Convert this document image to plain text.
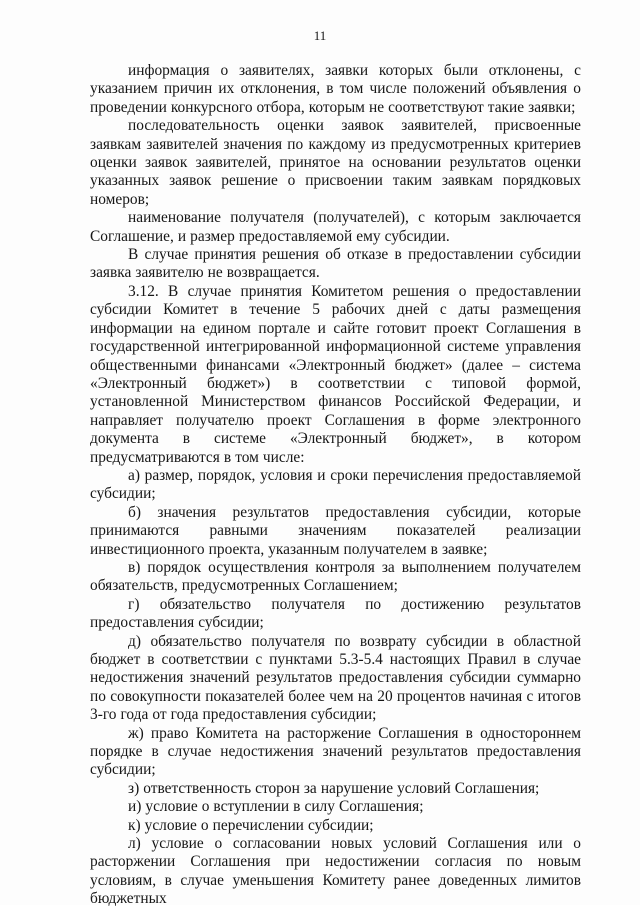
11

информация о заявителях, заявки которых были отклонены, с указанием причин их отклонения, в том числе положений объявления о проведении конкурсного отбора, которым не соответствуют такие заявки;

последовательность оценки заявок заявителей, присвоенные заявкам заявителей значения по каждому из предусмотренных критериев оценки заявок заявителей, принятое на основании результатов оценки указанных заявок решение о присвоении таким заявкам порядковых номеров;

наименование получателя (получателей), с которым заключается Соглашение, и размер предоставляемой ему субсидии.

В случае принятия решения об отказе в предоставлении субсидии заявка заявителю не возвращается.

3.12. В случае принятия Комитетом решения о предоставлении субсидии Комитет в течение 5 рабочих дней с даты размещения информации на едином портале и сайте готовит проект Соглашения в государственной интегрированной информационной системе управления общественными финансами «Электронный бюджет» (далее – система «Электронный бюджет») в соответствии с типовой формой, установленной Министерством финансов Российской Федерации, и направляет получателю проект Соглашения в форме электронного документа в системе «Электронный бюджет», в котором предусматриваются в том числе:

а) размер, порядок, условия и сроки перечисления предоставляемой субсидии;

б) значения результатов предоставления субсидии, которые принимаются равными значениям показателей реализации инвестиционного проекта, указанным получателем в заявке;

в) порядок осуществления контроля за выполнением получателем обязательств, предусмотренных Соглашением;

г) обязательство получателя по достижению результатов предоставления субсидии;

д) обязательство получателя по возврату субсидии в областной бюджет в соответствии с пунктами 5.3-5.4 настоящих Правил в случае недостижения значений результатов предоставления субсидии суммарно по совокупности показателей более чем на 20 процентов начиная с итогов 3-го года от года предоставления субсидии;

ж) право Комитета на расторжение Соглашения в одностороннем порядке в случае недостижения значений результатов предоставления субсидии;

з) ответственность сторон за нарушение условий Соглашения;

и) условие о вступлении в силу Соглашения;

к) условие о перечислении субсидии;

л) условие о согласовании новых условий Соглашения или о расторжении Соглашения при недостижении согласия по новым условиям, в случае уменьшения Комитету ранее доведенных лимитов бюджетных
